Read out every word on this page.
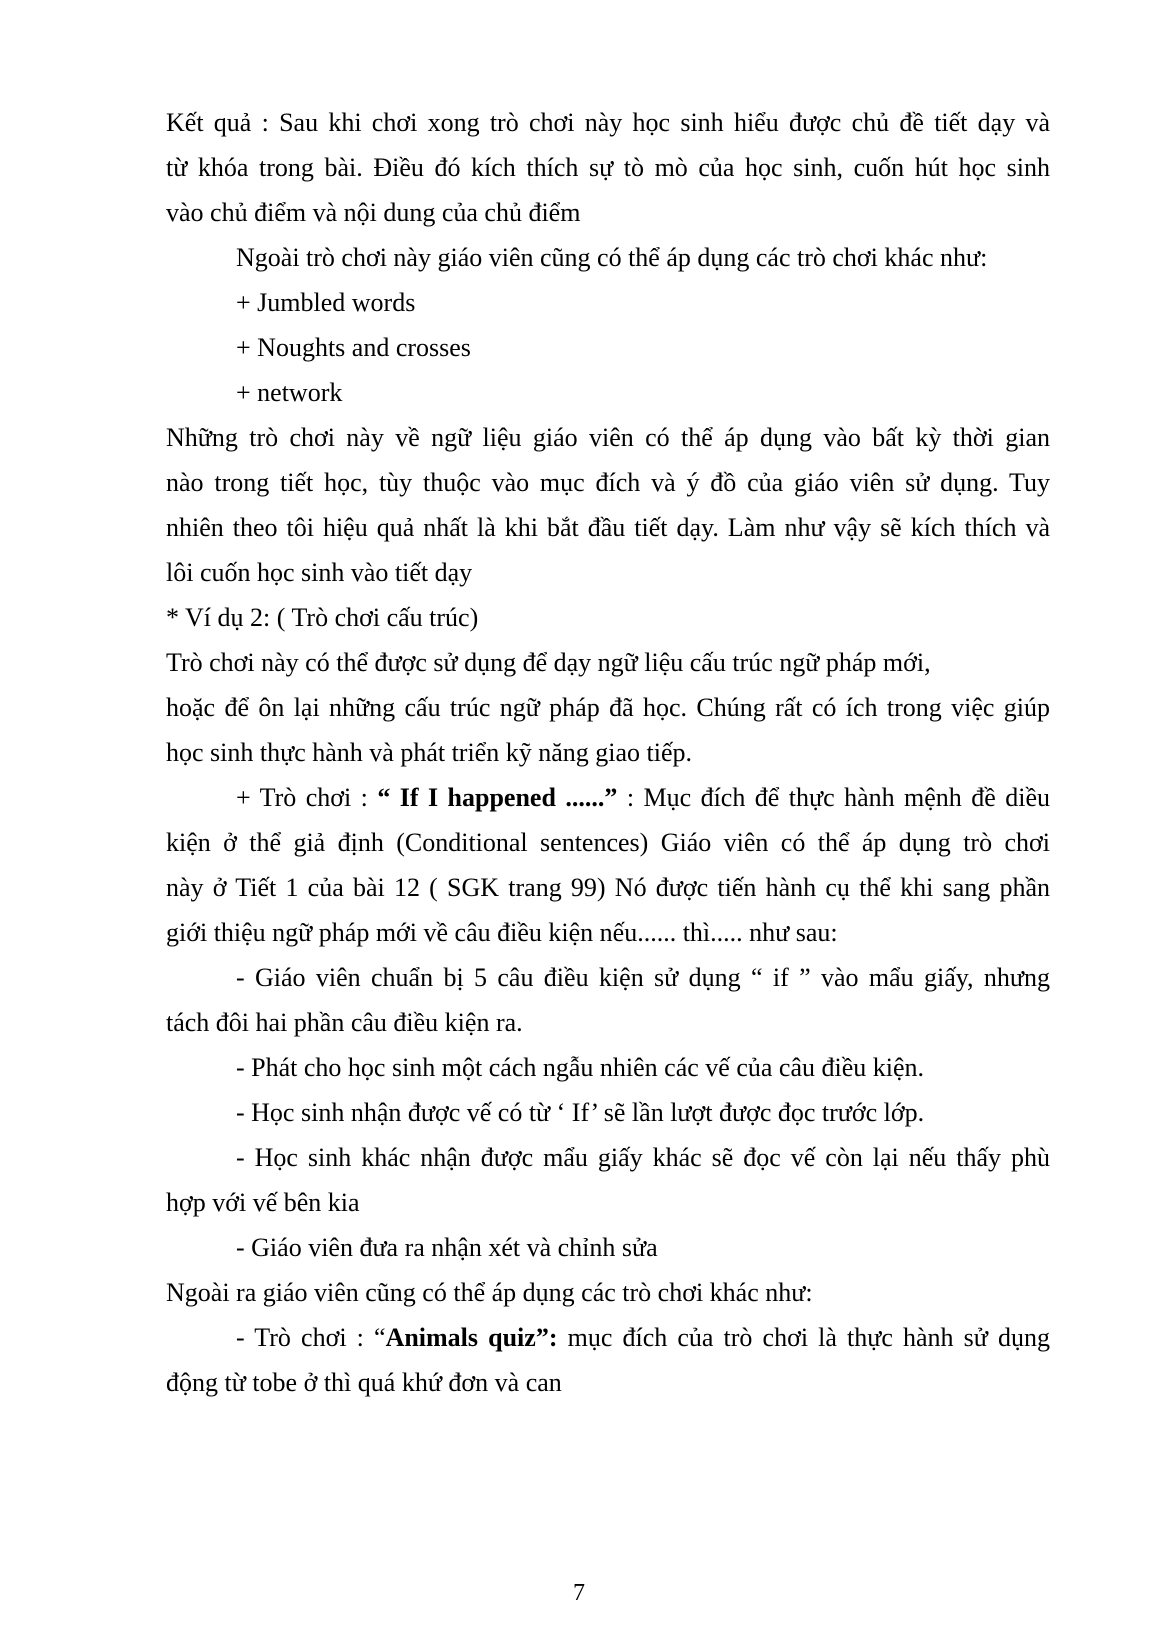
Kết quả : Sau khi chơi xong trò chơi này học sinh hiểu được chủ đề tiết dạy và
từ khóa trong bài. Điều đó kích thích sự tò mò của học sinh, cuốn hút học sinh
vào chủ điểm và nội dung của chủ điểm
Ngoài trò chơi này giáo viên cũng có thể áp dụng các trò chơi khác như:
+ Jumbled words
+ Noughts and crosses
+ network
Những trò chơi này về ngữ liệu giáo viên có thể áp dụng vào bất kỳ thời gian
nào trong tiết học, tùy thuộc vào mục đích và ý đồ của giáo viên sử dụng. Tuy
nhiên theo tôi hiệu quả nhất là khi bắt đầu tiết dạy. Làm như vậy sẽ kích thích và
lôi cuốn học sinh vào tiết dạy
* Ví dụ 2: ( Trò chơi cấu trúc)
Trò chơi này có thể được sử dụng để dạy ngữ liệu cấu trúc ngữ pháp mới,
hoặc để ôn lại những cấu trúc ngữ pháp đã học. Chúng rất có ích trong việc giúp
học sinh thực hành và phát triển kỹ năng giao tiếp.
+ Trò chơi : “ If I happened ......” : Mục đích để thực hành mệnh đề diều
kiện ở thể giả định (Conditional sentences) Giáo viên có thể áp dụng trò chơi
này ở Tiết 1 của bài 12 ( SGK trang 99) Nó được tiến hành cụ thể khi sang phần
giới thiệu ngữ pháp mới về câu điều kiện nếu...... thì..... như sau:
- Giáo viên chuẩn bị 5 câu điều kiện sử dụng “ if ” vào mẩu giấy, nhưng
tách đôi hai phần câu điều kiện ra.
- Phát cho học sinh một cách ngẫu nhiên các vế của câu điều kiện.
- Học sinh nhận được vế có từ ‘ If’ sẽ lần lượt được đọc trước lớp.
- Học sinh khác nhận được mẩu giấy khác sẽ đọc vế còn lại nếu thấy phù
hợp với vế bên kia
- Giáo viên đưa ra nhận xét và chỉnh sửa
Ngoài ra giáo viên cũng có thể áp dụng các trò chơi khác như:
- Trò chơi : “Animals quiz”: mục đích của trò chơi là thực hành sử dụng
động từ tobe ở thì quá khứ đơn và can
7
